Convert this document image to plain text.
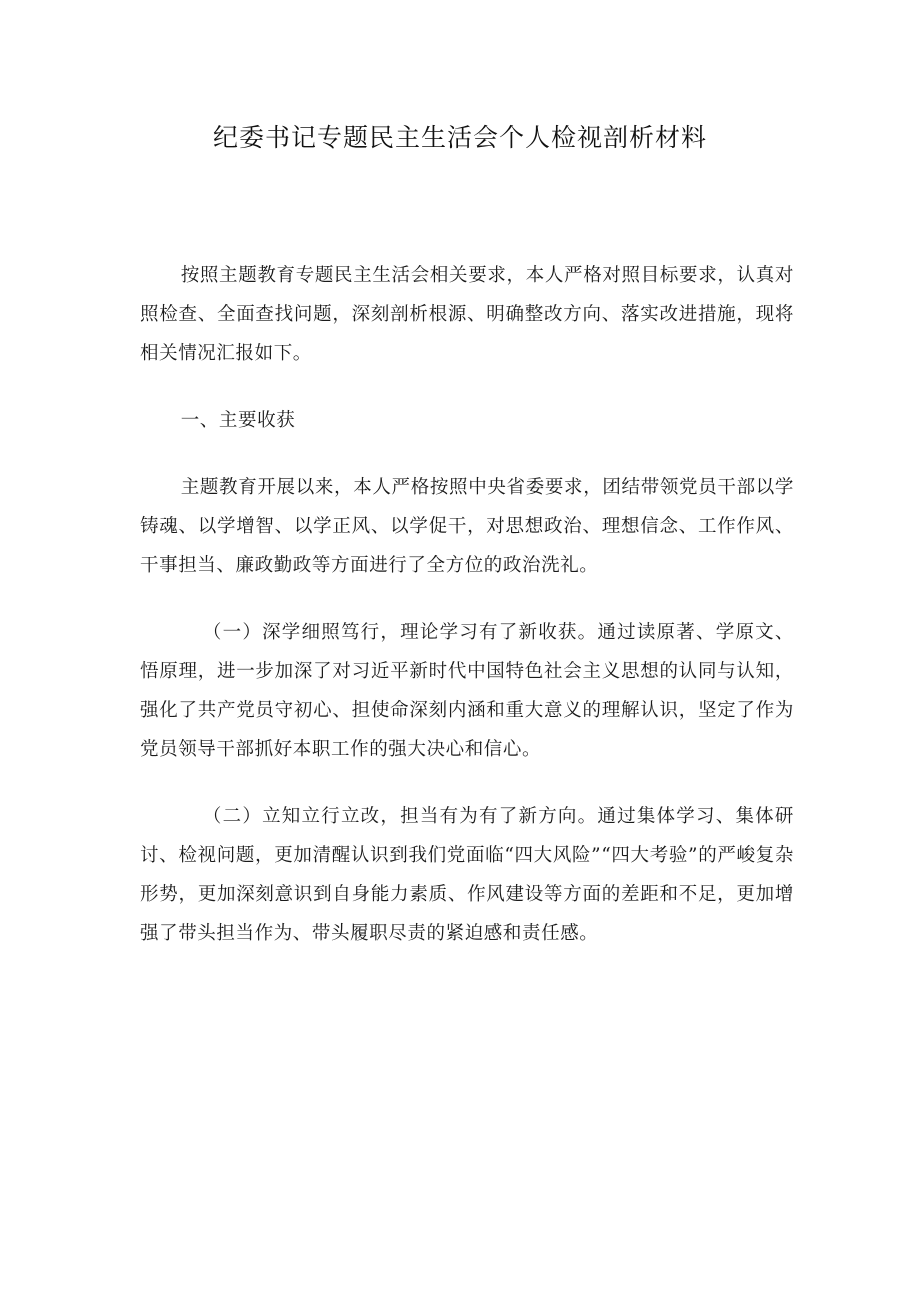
纪委书记专题民主生活会个人检视剖析材料

按照主题教育专题民主生活会相关要求，本人严格对照目标要求，认真对照检查、全面查找问题，深刻剖析根源、明确整改方向、落实改进措施，现将相关情况汇报如下。

一、主要收获

主题教育开展以来，本人严格按照中央省委要求，团结带领党员干部以学铸魂、以学增智、以学正风、以学促干，对思想政治、理想信念、工作作风、干事担当、廉政勤政等方面进行了全方位的政治洗礼。

（一）深学细照笃行，理论学习有了新收获。通过读原著、学原文、悟原理，进一步加深了对习近平新时代中国特色社会主义思想的认同与认知，强化了共产党员守初心、担使命深刻内涵和重大意义的理解认识，坚定了作为党员领导干部抓好本职工作的强大决心和信心。

（二）立知立行立改，担当有为有了新方向。通过集体学习、集体研讨、检视问题，更加清醒认识到我们党面临“四大风险”“四大考验”的严峻复杂形势，更加深刻意识到自身能力素质、作风建设等方面的差距和不足，更加增强了带头担当作为、带头履职尽责的紧迫感和责任感。
